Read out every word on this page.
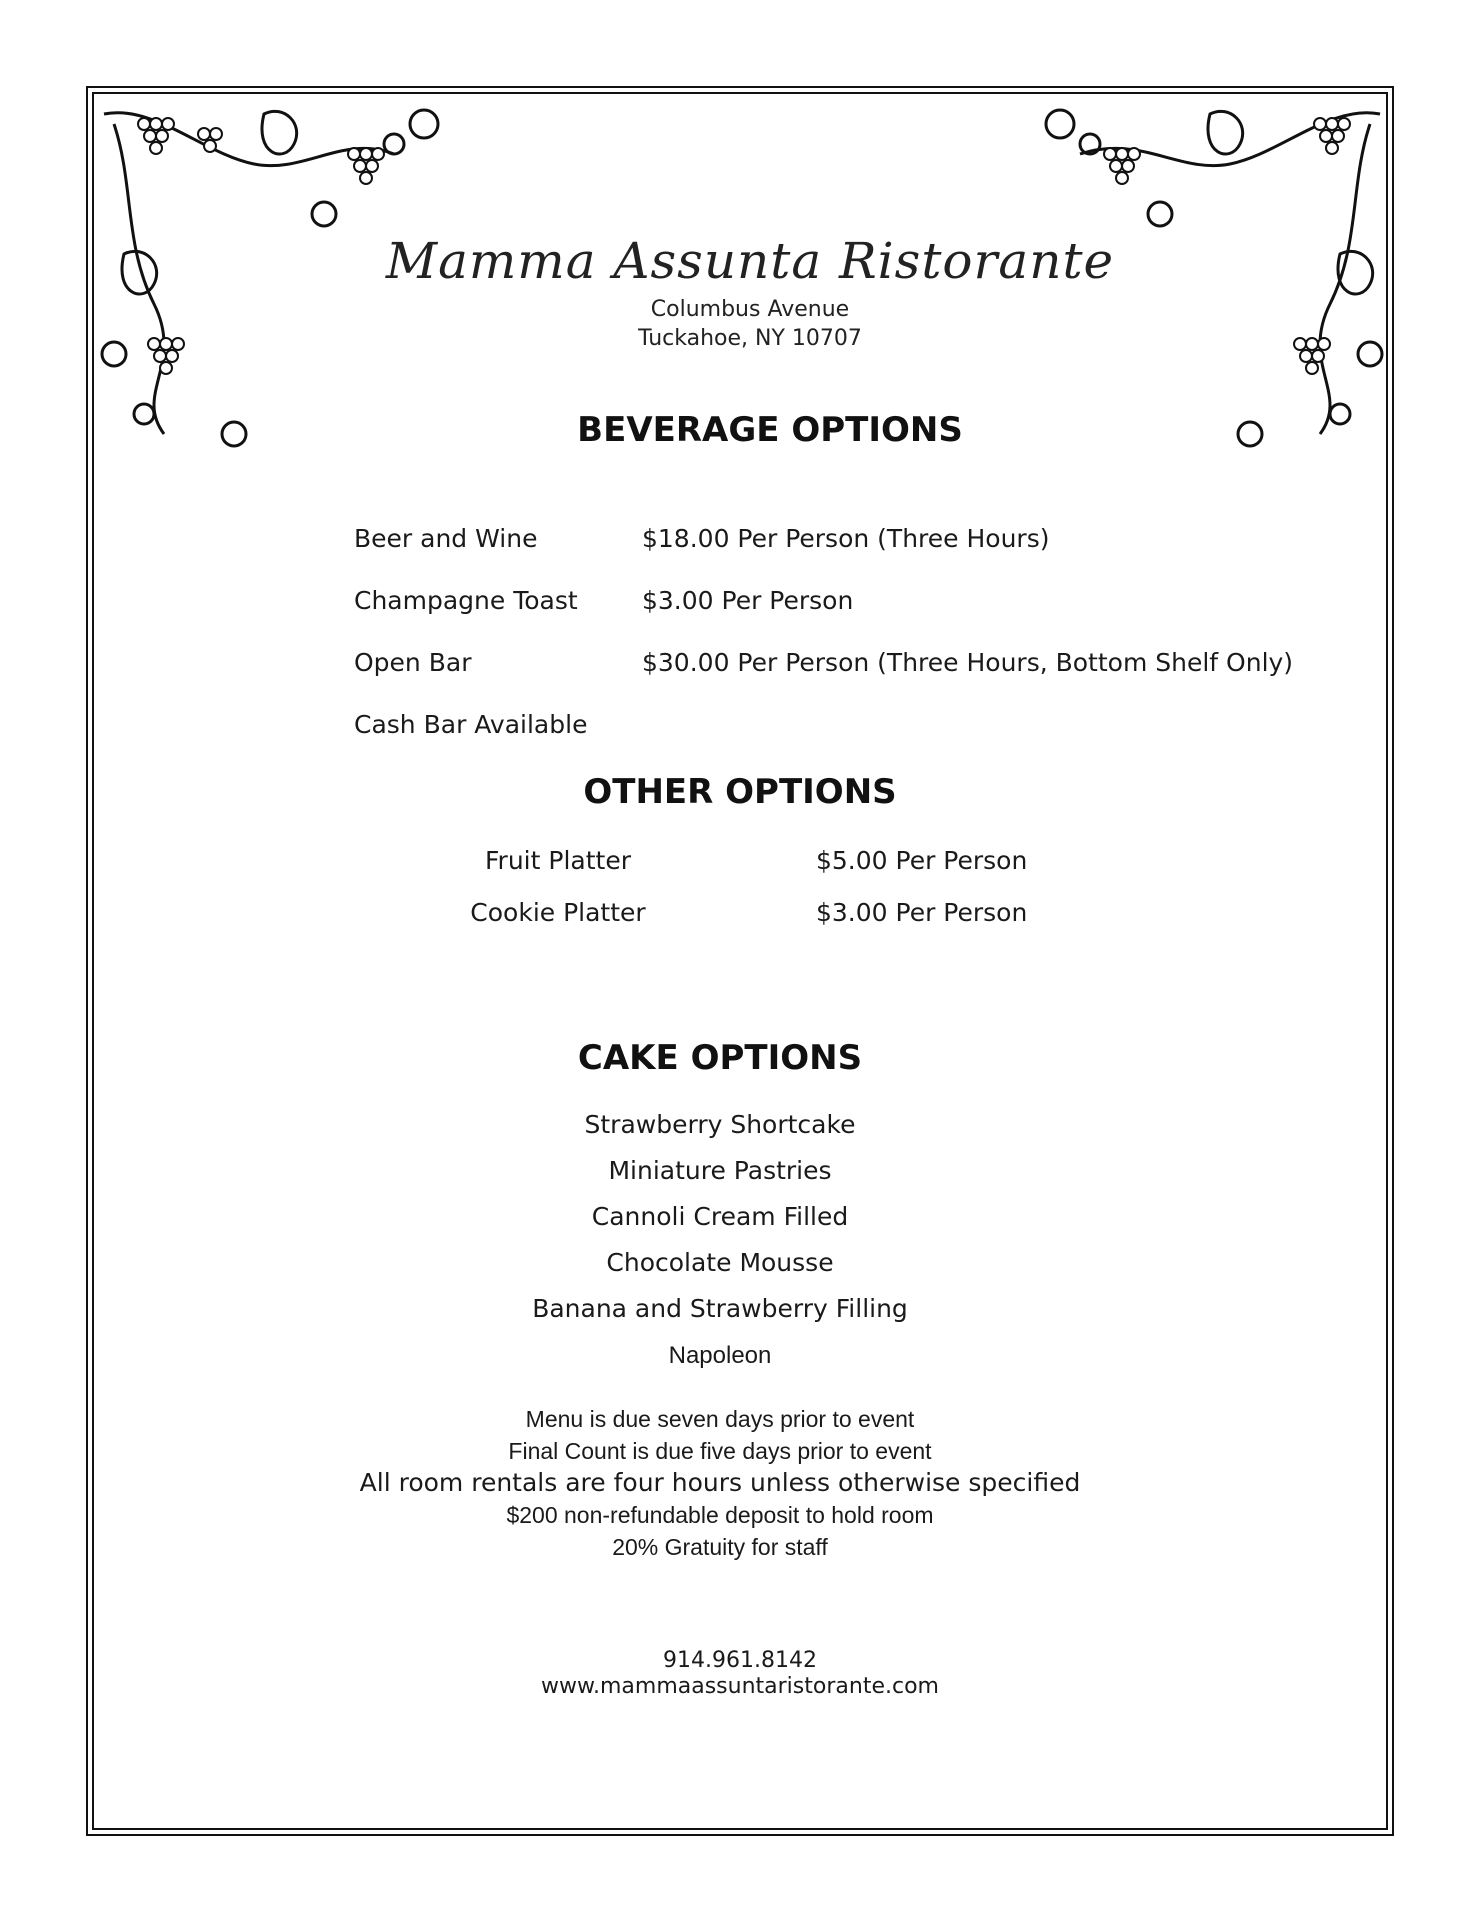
Mamma Assunta Ristorante
Columbus Avenue
Tuckahoe, NY 10707
BEVERAGE OPTIONS
Beer and Wine	$18.00 Per Person (Three Hours)
Champagne Toast	$3.00 Per Person
Open Bar	$30.00 Per Person (Three Hours, Bottom Shelf Only)
Cash Bar Available
OTHER OPTIONS
Fruit Platter	$5.00 Per Person
Cookie Platter	$3.00 Per Person
CAKE OPTIONS
Strawberry Shortcake
Miniature Pastries
Cannoli Cream Filled
Chocolate Mousse
Banana and Strawberry Filling
Napoleon
Menu is due seven days prior to event
Final Count is due five days prior to event
All room rentals are four hours unless otherwise specified
$200 non-refundable deposit to hold room
20% Gratuity for staff
914.961.8142
www.mammaassuntaristorante.com
